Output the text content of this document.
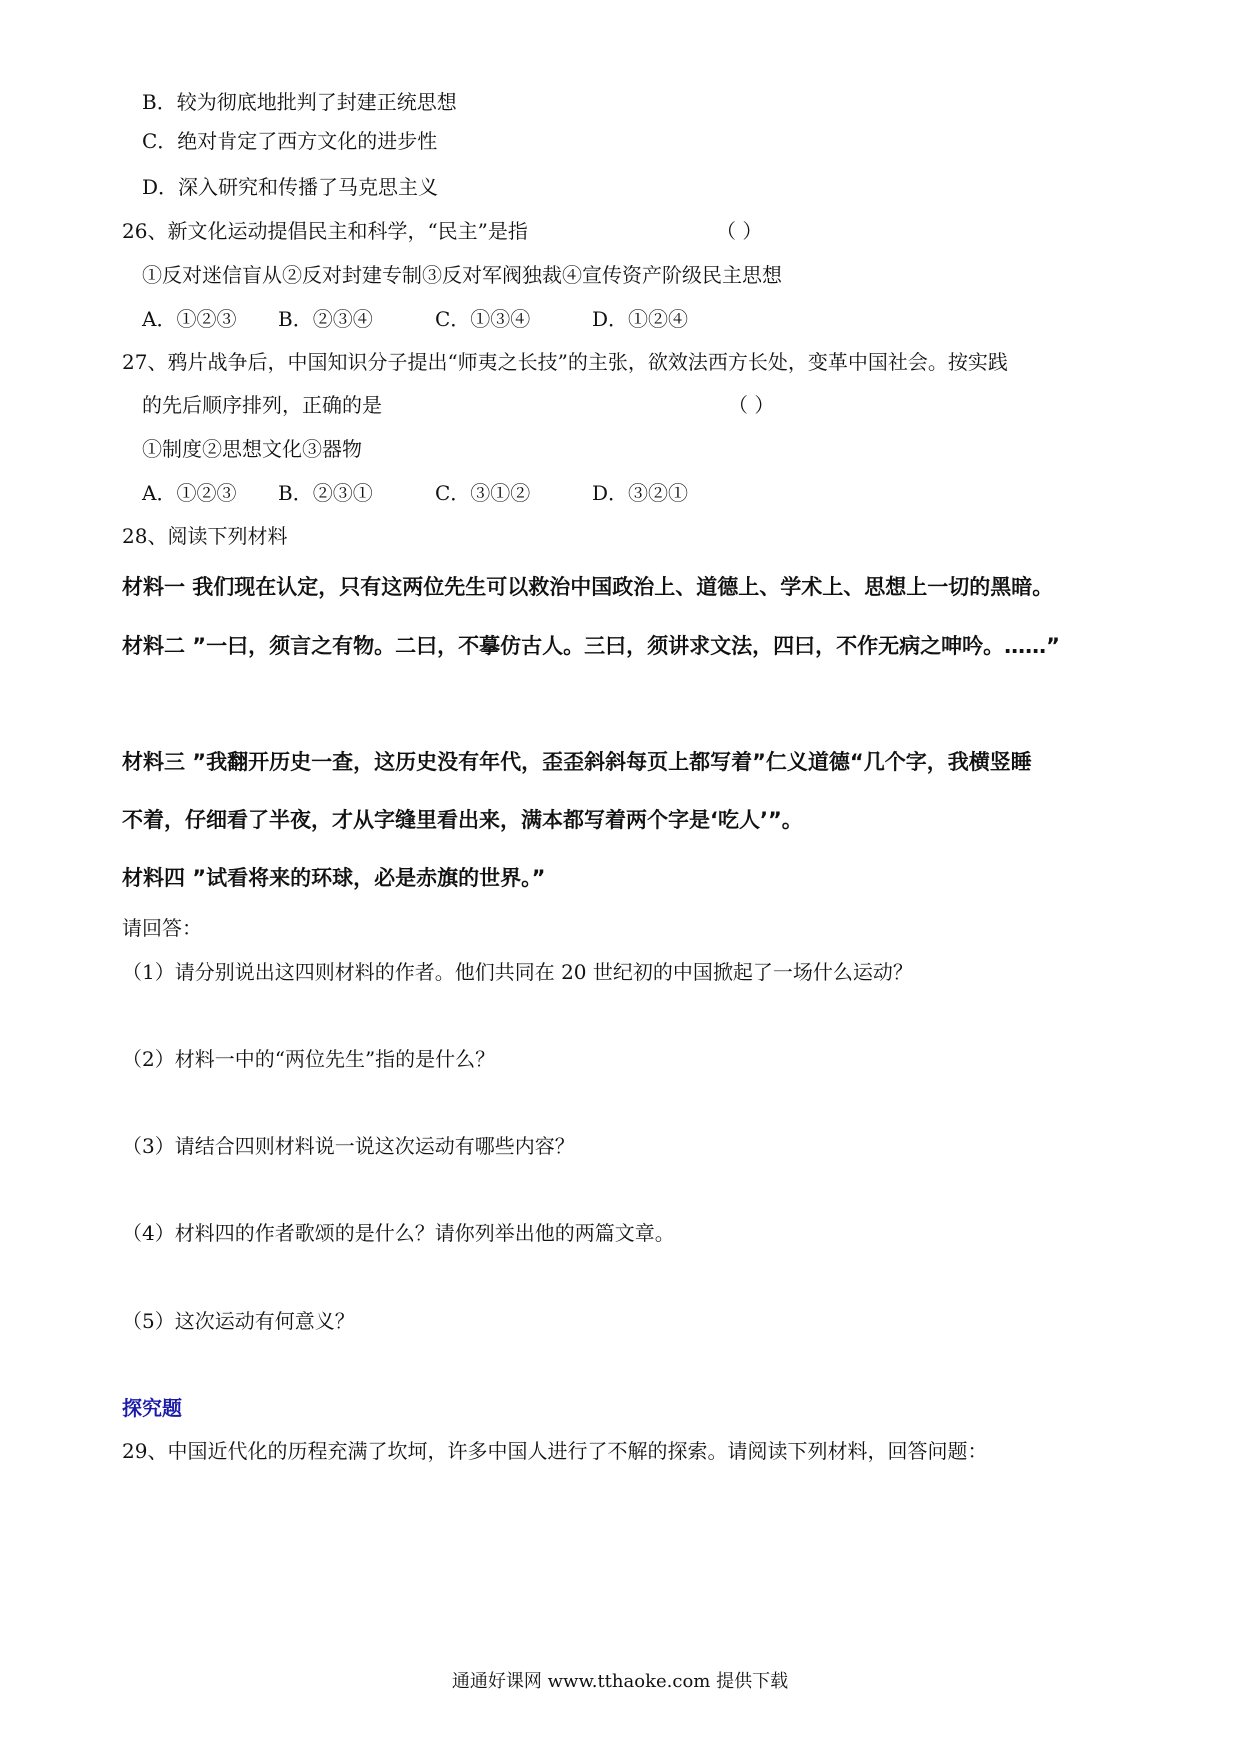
B．较为彻底地批判了封建正统思想
C．绝对肯定了西方文化的进步性
D．深入研究和传播了马克思主义
26、新文化运动提倡民主和科学，“民主”是指	（ ）
①反对迷信盲从②反对封建专制③反对军阀独裁④宣传资产阶级民主思想
A．①②③ B．②③④	C．①③④	D．①②④
27、鸦片战争后，中国知识分子提出“师夷之长技”的主张，欲效法西方长处，变革中国社会。按实践
的先后顺序排列，正确的是	（ ）
①制度②思想文化③器物
A．①②③ B．②③①	C．③①②	D．③②①
28、阅读下列材料
材料一 我们现在认定，只有这两位先生可以救治中国政治上、道德上、学术上、思想上一切的黑暗。
材料二 ”一曰，须言之有物。二曰，不摹仿古人。三曰，须讲求文法，四曰，不作无病之呻吟。……”
材料三 ”我翻开历史一查，这历史没有年代，歪歪斜斜每页上都写着”仁义道德“几个字，我横竖睡
不着，仔细看了半夜，才从字缝里看出来，满本都写着两个字是‘吃人’”。
材料四 ”试看将来的环球，必是赤旗的世界。”
请回答：
（1）请分别说出这四则材料的作者。他们共同在 20 世纪初的中国掀起了一场什么运动？
（2）材料一中的“两位先生”指的是什么？
（3）请结合四则材料说一说这次运动有哪些内容？
（4）材料四的作者歌颂的是什么？请你列举出他的两篇文章。
（5）这次运动有何意义？
探究题
29、中国近代化的历程充满了坎坷，许多中国人进行了不解的探索。请阅读下列材料，回答问题：
通通好课网 www.tthaoke.com 提供下载
